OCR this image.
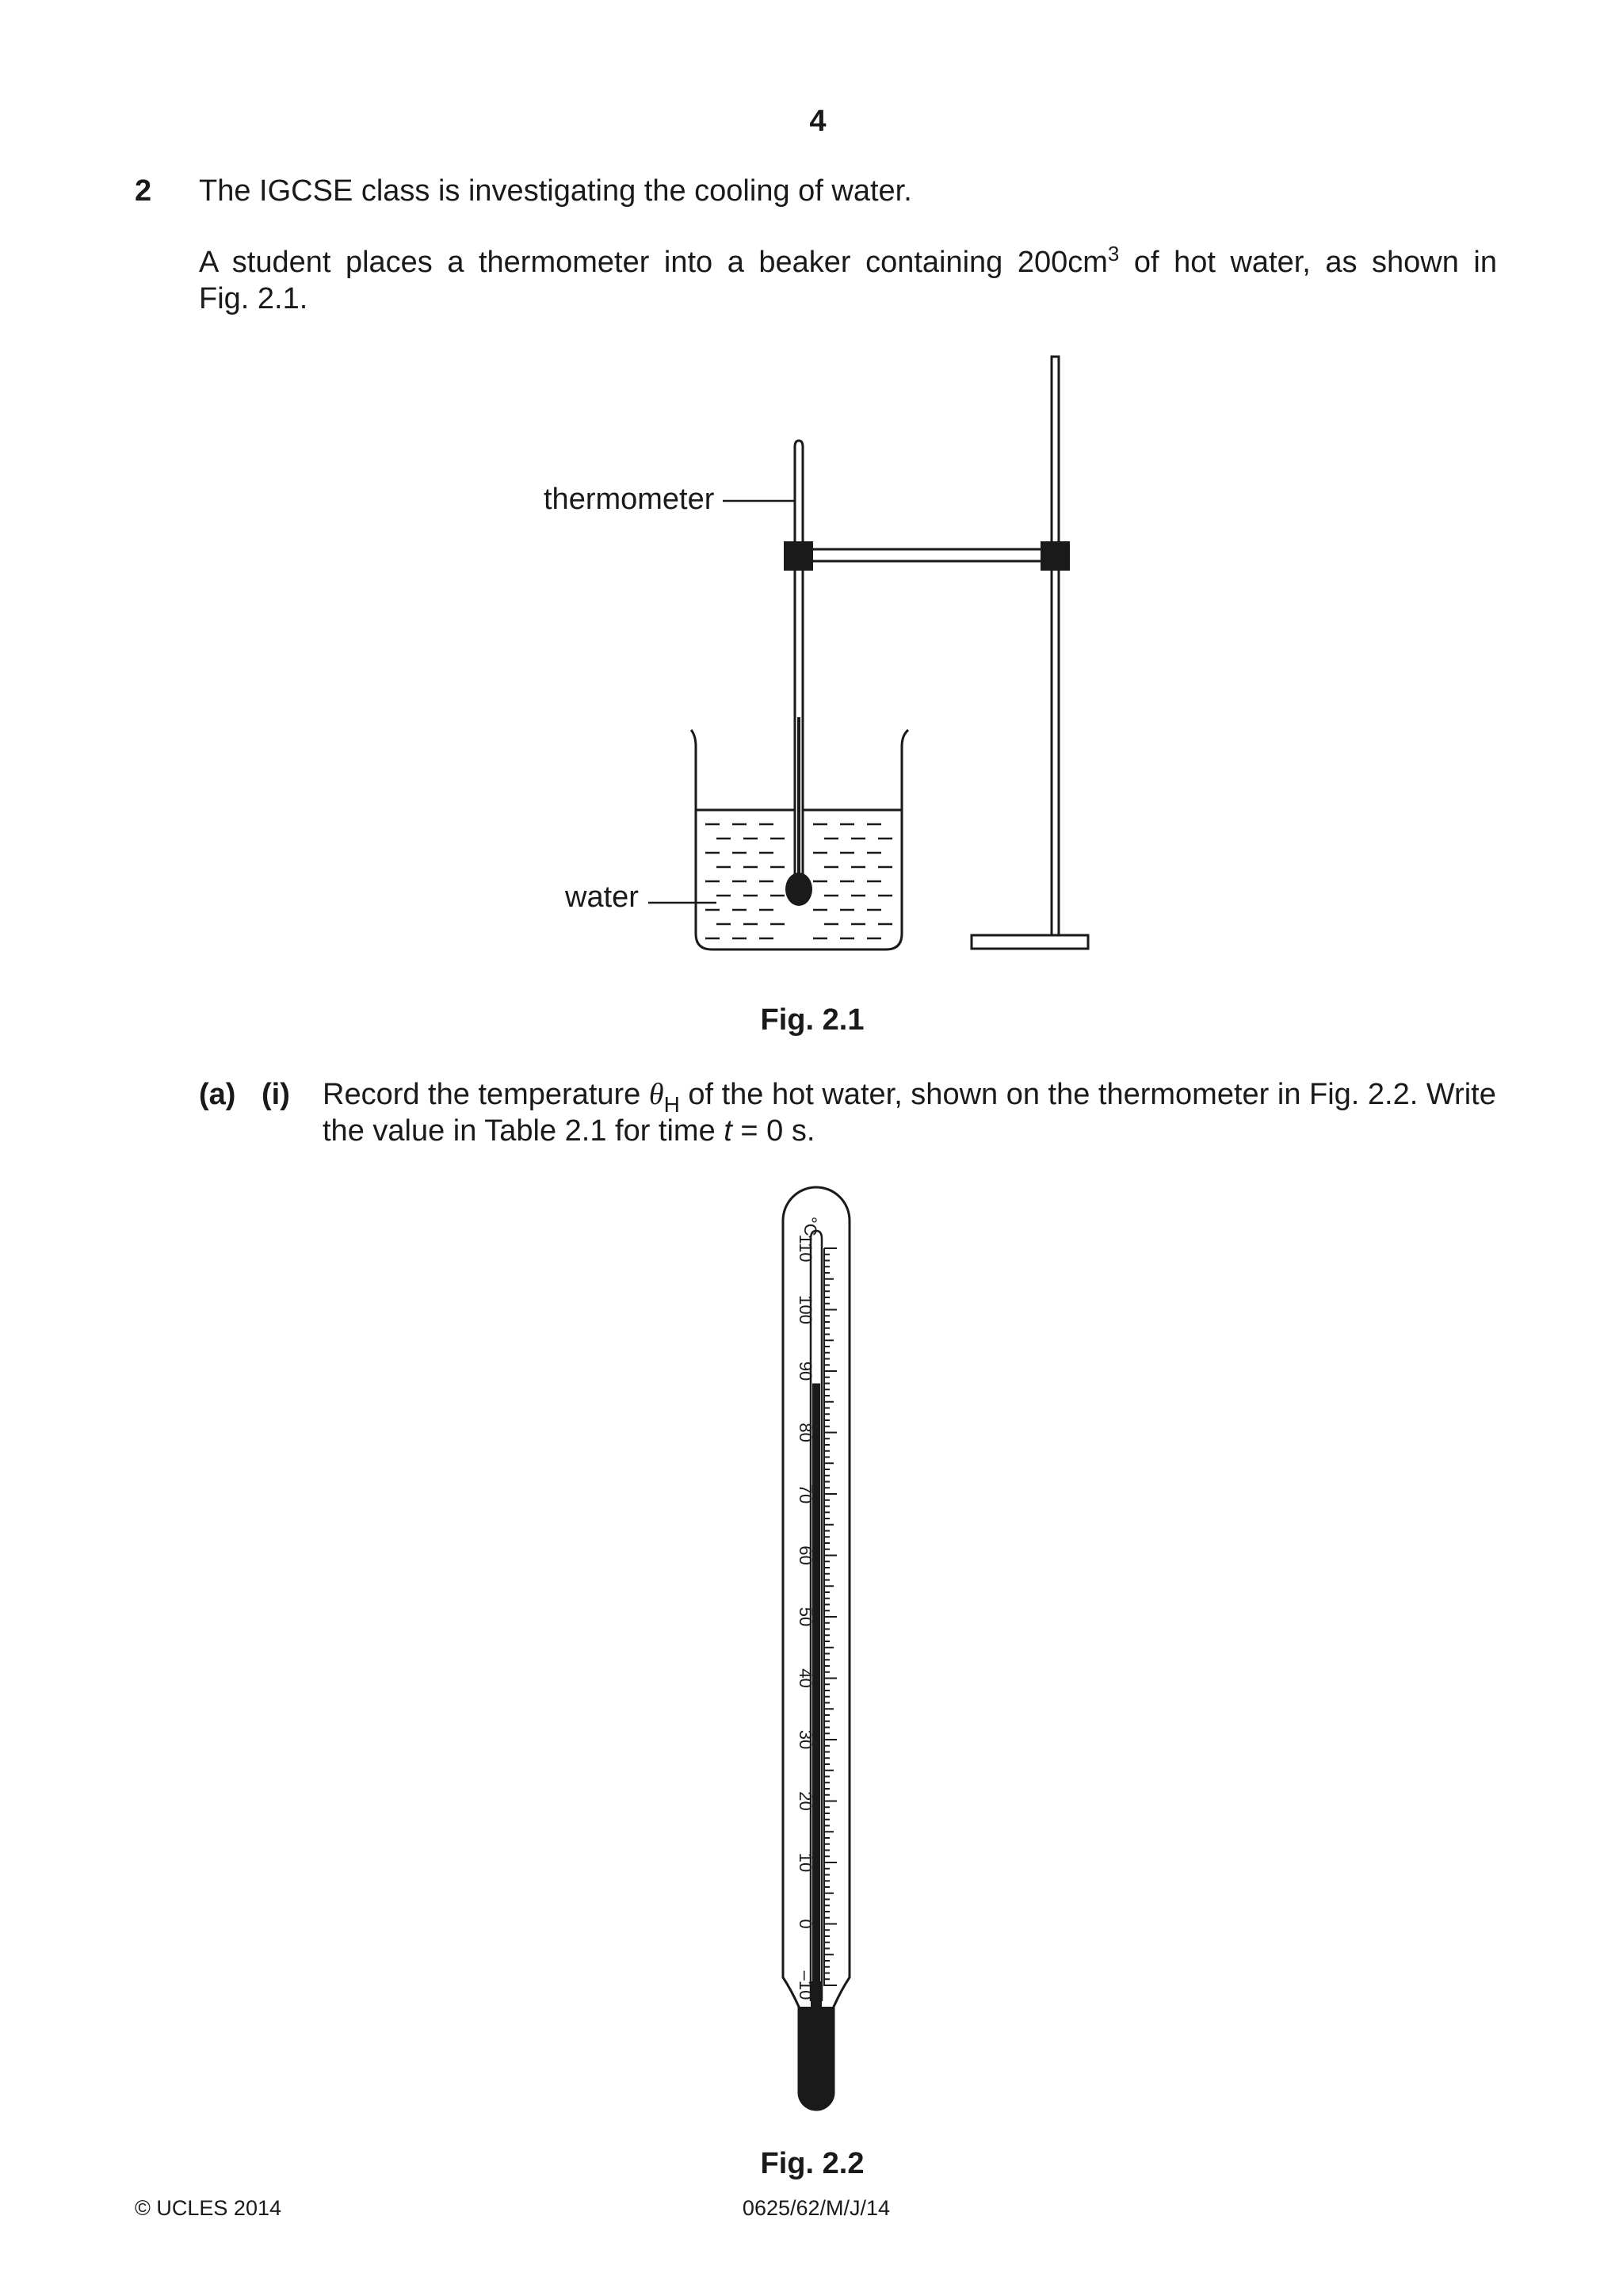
4
2 The IGCSE class is investigating the cooling of water.
A student places a thermometer into a beaker containing $200cm^3$ of hot water, as shown in
Fig. 2.1.
thermometer
water
Fig. 2.1
(a) (i) Record the temperature $\theta_H$ of the hot water, shown on the thermometer in Fig. 2.2. Write
the value in Table 2.1 for time t = 0 s.
–10
0
10
20
30
40
50
60
70
80
90
100
110
°C
Fig. 2.2
© UCLES 2014	0625/62/M/J/14
